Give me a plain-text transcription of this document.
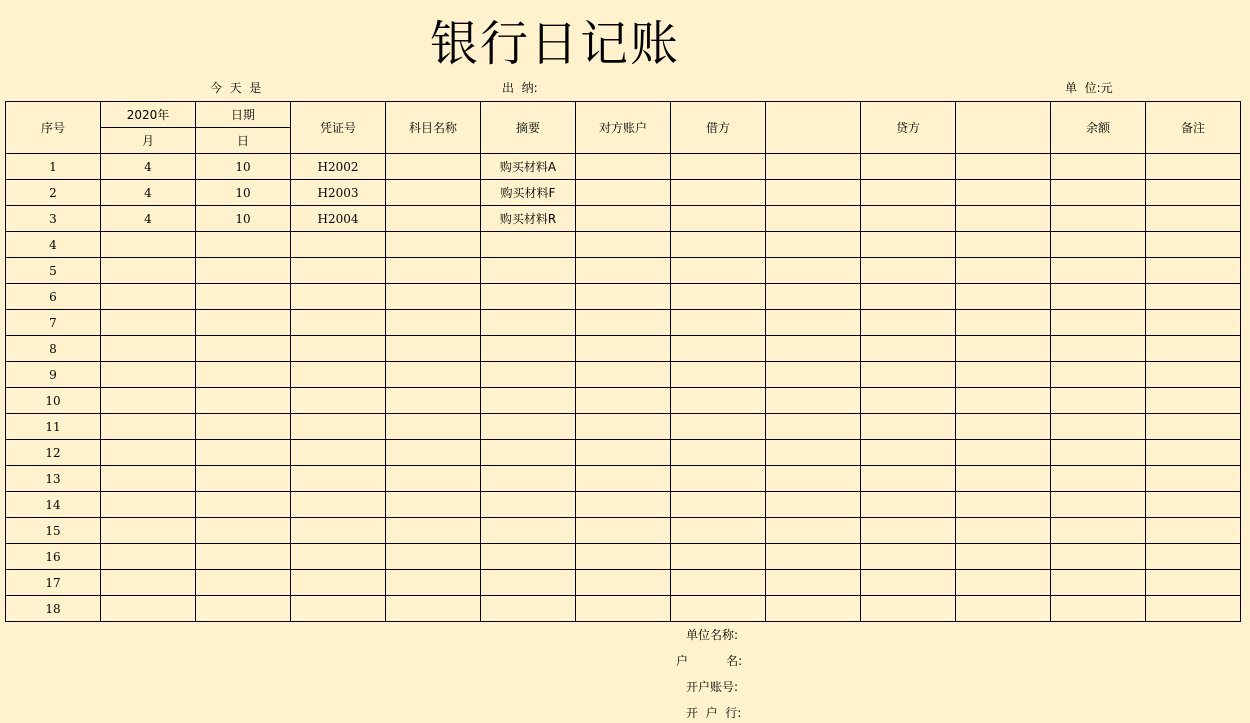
银行日记账
今  天  是	出  纳:	单  位:元
序号	2020年	日期	凭证号	科目名称	摘要	对方账户	借方		贷方		余额	备注
	月	日										
1	4	10	H2002		购买材料A							
2	4	10	H2003		购买材料F							
3	4	10	H2004		购买材料R							
4												
5												
6												
7												
8												
9												
10												
11												
12												
13												
14												
15												
16												
17												
18												
单位名称:
户          名:
开户账号:
开  户  行:
